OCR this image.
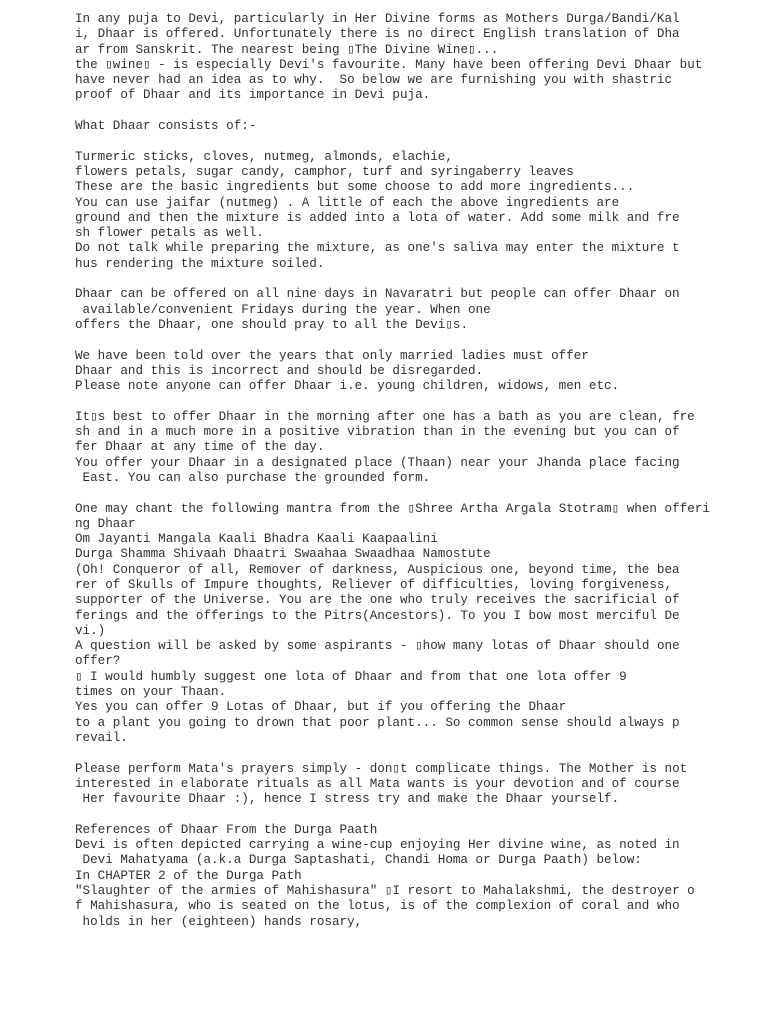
In any puja to Devi, particularly in Her Divine forms as Mothers Durga/Bandi/Kal
i, Dhaar is offered. Unfortunately there is no direct English translation of Dha
ar from Sanskrit. The nearest being ▯The Divine Wine▯...
the ▯wine▯ - is especially Devi's favourite. Many have been offering Devi Dhaar but
have never had an idea as to why.  So below we are furnishing you with shastric
proof of Dhaar and its importance in Devi puja.
What Dhaar consists of:-
Turmeric sticks, cloves, nutmeg, almonds, elachie,
flowers petals, sugar candy, camphor, turf and syringaberry leaves
These are the basic ingredients but some choose to add more ingredients...
You can use jaifar (nutmeg) . A little of each the above ingredients are
ground and then the mixture is added into a lota of water. Add some milk and fre
sh flower petals as well.
Do not talk while preparing the mixture, as one's saliva may enter the mixture t
hus rendering the mixture soiled.
Dhaar can be offered on all nine days in Navaratri but people can offer Dhaar on
available/convenient Fridays during the year. When one
offers the Dhaar, one should pray to all the Devi▯s.
We have been told over the years that only married ladies must offer
Dhaar and this is incorrect and should be disregarded.
Please note anyone can offer Dhaar i.e. young children, widows, men etc.
It▯s best to offer Dhaar in the morning after one has a bath as you are clean, fre
sh and in a much more in a positive vibration than in the evening but you can of
fer Dhaar at any time of the day.
You offer your Dhaar in a designated place (Thaan) near your Jhanda place facing
East. You can also purchase the grounded form.
One may chant the following mantra from the ▯Shree Artha Argala Stotram▯ when offeri
ng Dhaar
Om Jayanti Mangala Kaali Bhadra Kaali Kaapaalini
Durga Shamma Shivaah Dhaatri Swaahaa Swaadhaa Namostute
(Oh! Conqueror of all, Remover of darkness, Auspicious one, beyond time, the bea
rer of Skulls of Impure thoughts, Reliever of difficulties, loving forgiveness,
supporter of the Universe. You are the one who truly receives the sacrificial of
ferings and the offerings to the Pitrs(Ancestors). To you I bow most merciful De
vi.)
A question will be asked by some aspirants - ▯how many lotas of Dhaar should one
offer?
▯ I would humbly suggest one lota of Dhaar and from that one lota offer 9
times on your Thaan.
Yes you can offer 9 Lotas of Dhaar, but if you offering the Dhaar
to a plant you going to drown that poor plant... So common sense should always p
revail.
Please perform Mata's prayers simply - don▯t complicate things. The Mother is not
interested in elaborate rituals as all Mata wants is your devotion and of course
Her favourite Dhaar :), hence I stress try and make the Dhaar yourself.
References of Dhaar From the Durga Paath
Devi is often depicted carrying a wine-cup enjoying Her divine wine, as noted in
Devi Mahatyama (a.k.a Durga Saptashati, Chandi Homa or Durga Paath) below:
In CHAPTER 2 of the Durga Path
"Slaughter of the armies of Mahishasura" ▯I resort to Mahalakshmi, the destroyer o
f Mahishasura, who is seated on the lotus, is of the complexion of coral and who
holds in her (eighteen) hands rosary,
